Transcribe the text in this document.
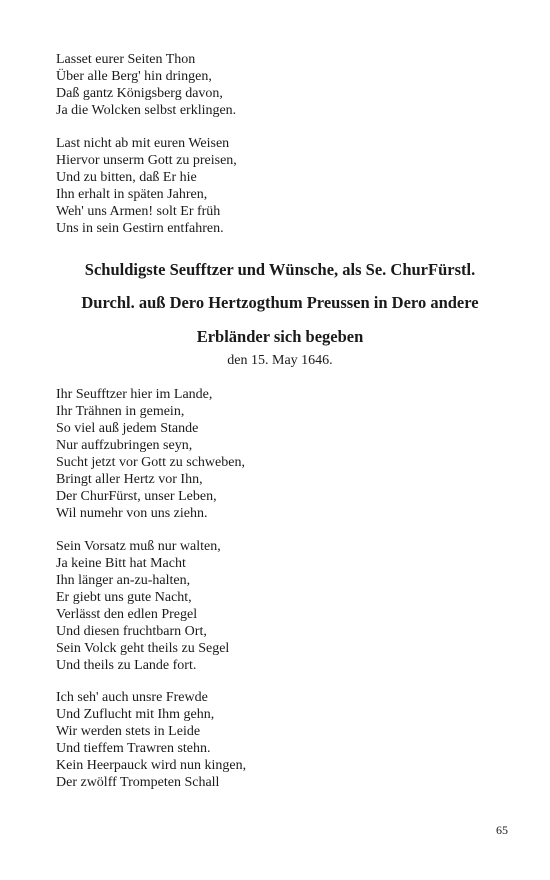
Lasset eurer Seiten Thon
Über alle Berg' hin dringen,
Daß gantz Königsberg davon,
Ja die Wolcken selbst erklingen.
Last nicht ab mit euren Weisen
Hiervor unserm Gott zu preisen,
Und zu bitten, daß Er hie
Ihn erhalt in späten Jahren,
Weh' uns Armen! solt Er früh
Uns in sein Gestirn entfahren.
Schuldigste Seufftzer und Wünsche, als Se. ChurFürstl.
Durchl. auß Dero Hertzogthum Preussen in Dero andere
Erbländer sich begeben

den 15. May 1646.

Ihr Seufftzer hier im Lande,
Ihr Trähnen in gemein,
So viel auß jedem Stande
Nur auffzubringen seyn,
Sucht jetzt vor Gott zu schweben,
Bringt aller Hertz vor Ihn,
Der ChurFürst, unser Leben,
Wil numehr von uns ziehn.
Sein Vorsatz muß nur walten,
Ja keine Bitt hat Macht
Ihn länger an-zu-halten,
Er giebt uns gute Nacht,
Verlässt den edlen Pregel
Und diesen fruchtbarn Ort,
Sein Volck geht theils zu Segel
Und theils zu Lande fort.
Ich seh' auch unsre Frewde
Und Zuflucht mit Ihm gehn,
Wir werden stets in Leide
Und tieffem Trawren stehn.
Kein Heerpauck wird nun kingen,
Der zwölff Trompeten Schall
65
